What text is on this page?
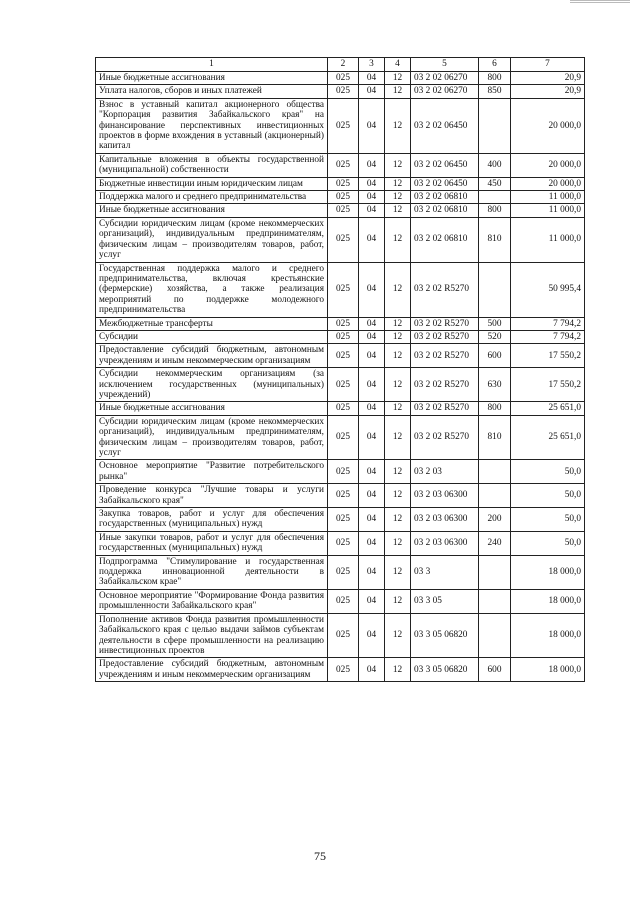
1	2	3	4	5	6	7
Иные бюджетные ассигнования	025	04	12	03 2 02 06270	800	20,9
Уплата налогов, сборов и иных платежей	025	04	12	03 2 02 06270	850	20,9
Взнос в уставный капитал акционерного общества "Корпорация развития Забайкальского края" на финансирование перспективных инвестиционных проектов в форме вхождения в уставный (акционерный) капитал	025	04	12	03 2 02 06450		20 000,0
Капитальные вложения в объекты государственной (муниципальной) собственности	025	04	12	03 2 02 06450	400	20 000,0
Бюджетные инвестиции иным юридическим лицам	025	04	12	03 2 02 06450	450	20 000,0
Поддержка малого и среднего предпринимательства	025	04	12	03 2 02 06810		11 000,0
Иные бюджетные ассигнования	025	04	12	03 2 02 06810	800	11 000,0
Субсидии юридическим лицам (кроме некоммерческих организаций), индивидуальным предпринимателям, физическим лицам – производителям товаров, работ, услуг	025	04	12	03 2 02 06810	810	11 000,0
Государственная поддержка малого и среднего предпринимательства, включая крестьянские (фермерские) хозяйства, а также реализация мероприятий по поддержке молодежного предпринимательства	025	04	12	03 2 02 R5270		50 995,4
Межбюджетные трансферты	025	04	12	03 2 02 R5270	500	7 794,2
Субсидии	025	04	12	03 2 02 R5270	520	7 794,2
Предоставление субсидий бюджетным, автономным учреждениям и иным некоммерческим организациям	025	04	12	03 2 02 R5270	600	17 550,2
Субсидии некоммерческим организациям (за исключением государственных (муниципальных) учреждений)	025	04	12	03 2 02 R5270	630	17 550,2
Иные бюджетные ассигнования	025	04	12	03 2 02 R5270	800	25 651,0
Субсидии юридическим лицам (кроме некоммерческих организаций), индивидуальным предпринимателям, физическим лицам – производителям товаров, работ, услуг	025	04	12	03 2 02 R5270	810	25 651,0
Основное мероприятие "Развитие потребительского рынка"	025	04	12	03 2 03		50,0
Проведение конкурса "Лучшие товары и услуги Забайкальского края"	025	04	12	03 2 03 06300		50,0
Закупка товаров, работ и услуг для обеспечения государственных (муниципальных) нужд	025	04	12	03 2 03 06300	200	50,0
Иные закупки товаров, работ и услуг для обеспечения государственных (муниципальных) нужд	025	04	12	03 2 03 06300	240	50,0
Подпрограмма "Стимулирование и государственная поддержка инновационной деятельности в Забайкальском крае"	025	04	12	03 3		18 000,0
Основное мероприятие "Формирование Фонда развития промышленности Забайкальского края"	025	04	12	03 3 05		18 000,0
Пополнение активов Фонда развития промышленности Забайкальского края с целью выдачи займов субъектам деятельности в сфере промышленности на реализацию инвестиционных проектов	025	04	12	03 3 05 06820		18 000,0
Предоставление субсидий бюджетным, автономным учреждениям и иным некоммерческим организациям	025	04	12	03 3 05 06820	600	18 000,0
75
